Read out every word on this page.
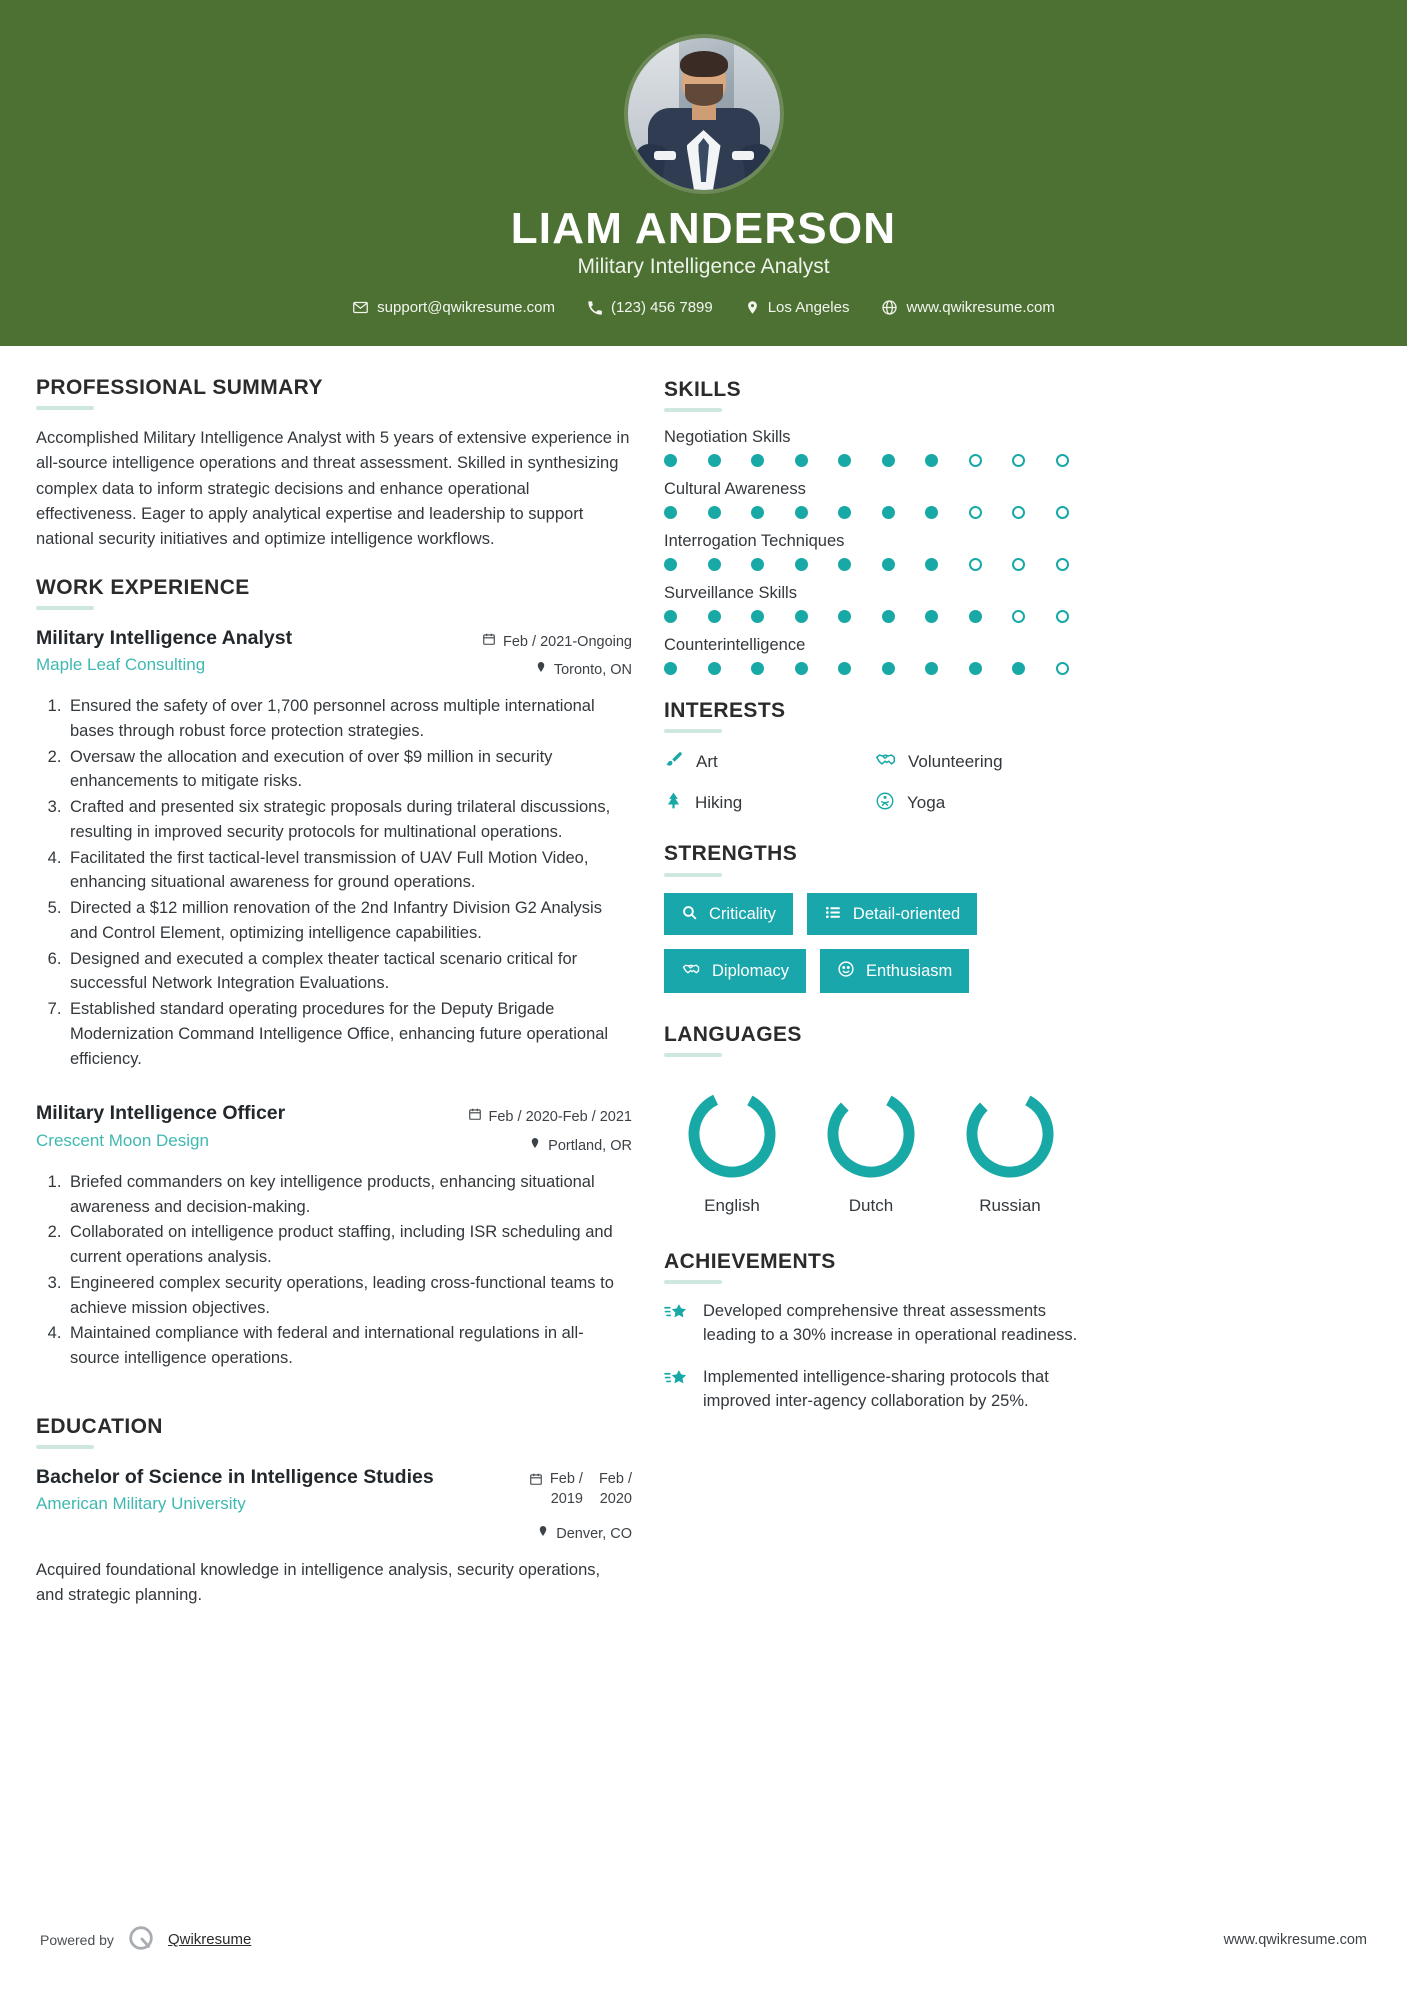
LIAM ANDERSON
Military Intelligence Analyst
support@qwikresume.com	(123) 456 7899	Los Angeles	www.qwikresume.com
PROFESSIONAL SUMMARY
Accomplished Military Intelligence Analyst with 5 years of extensive experience in all-source intelligence operations and threat assessment. Skilled in synthesizing complex data to inform strategic decisions and enhance operational effectiveness. Eager to apply analytical expertise and leadership to support national security initiatives and optimize intelligence workflows.
WORK EXPERIENCE
Military Intelligence Analyst
Maple Leaf Consulting
Feb / 2021-Ongoing
Toronto, ON
1. Ensured the safety of over 1,700 personnel across multiple international bases through robust force protection strategies.
2. Oversaw the allocation and execution of over $9 million in security enhancements to mitigate risks.
3. Crafted and presented six strategic proposals during trilateral discussions, resulting in improved security protocols for multinational operations.
4. Facilitated the first tactical-level transmission of UAV Full Motion Video, enhancing situational awareness for ground operations.
5. Directed a $12 million renovation of the 2nd Infantry Division G2 Analysis and Control Element, optimizing intelligence capabilities.
6. Designed and executed a complex theater tactical scenario critical for successful Network Integration Evaluations.
7. Established standard operating procedures for the Deputy Brigade Modernization Command Intelligence Office, enhancing future operational efficiency.
Military Intelligence Officer
Crescent Moon Design
Feb / 2020-Feb / 2021
Portland, OR
1. Briefed commanders on key intelligence products, enhancing situational awareness and decision-making.
2. Collaborated on intelligence product staffing, including ISR scheduling and current operations analysis.
3. Engineered complex security operations, leading cross-functional teams to achieve mission objectives.
4. Maintained compliance with federal and international regulations in all-source intelligence operations.
EDUCATION
Bachelor of Science in Intelligence Studies
American Military University
Feb /
2019
Feb /
2020
Denver, CO
Acquired foundational knowledge in intelligence analysis, security operations, and strategic planning.
SKILLS
Negotiation Skills
Cultural Awareness
Interrogation Techniques
Surveillance Skills
Counterintelligence
INTERESTS
Art	Volunteering
Hiking	Yoga
STRENGTHS
Criticality	Detail-oriented
Diplomacy	Enthusiasm
LANGUAGES
English	Dutch	Russian
ACHIEVEMENTS
Developed comprehensive threat assessments leading to a 30% increase in operational readiness.
Implemented intelligence-sharing protocols that improved inter-agency collaboration by 25%.
Powered by	Qwikresume	www.qwikresume.com
